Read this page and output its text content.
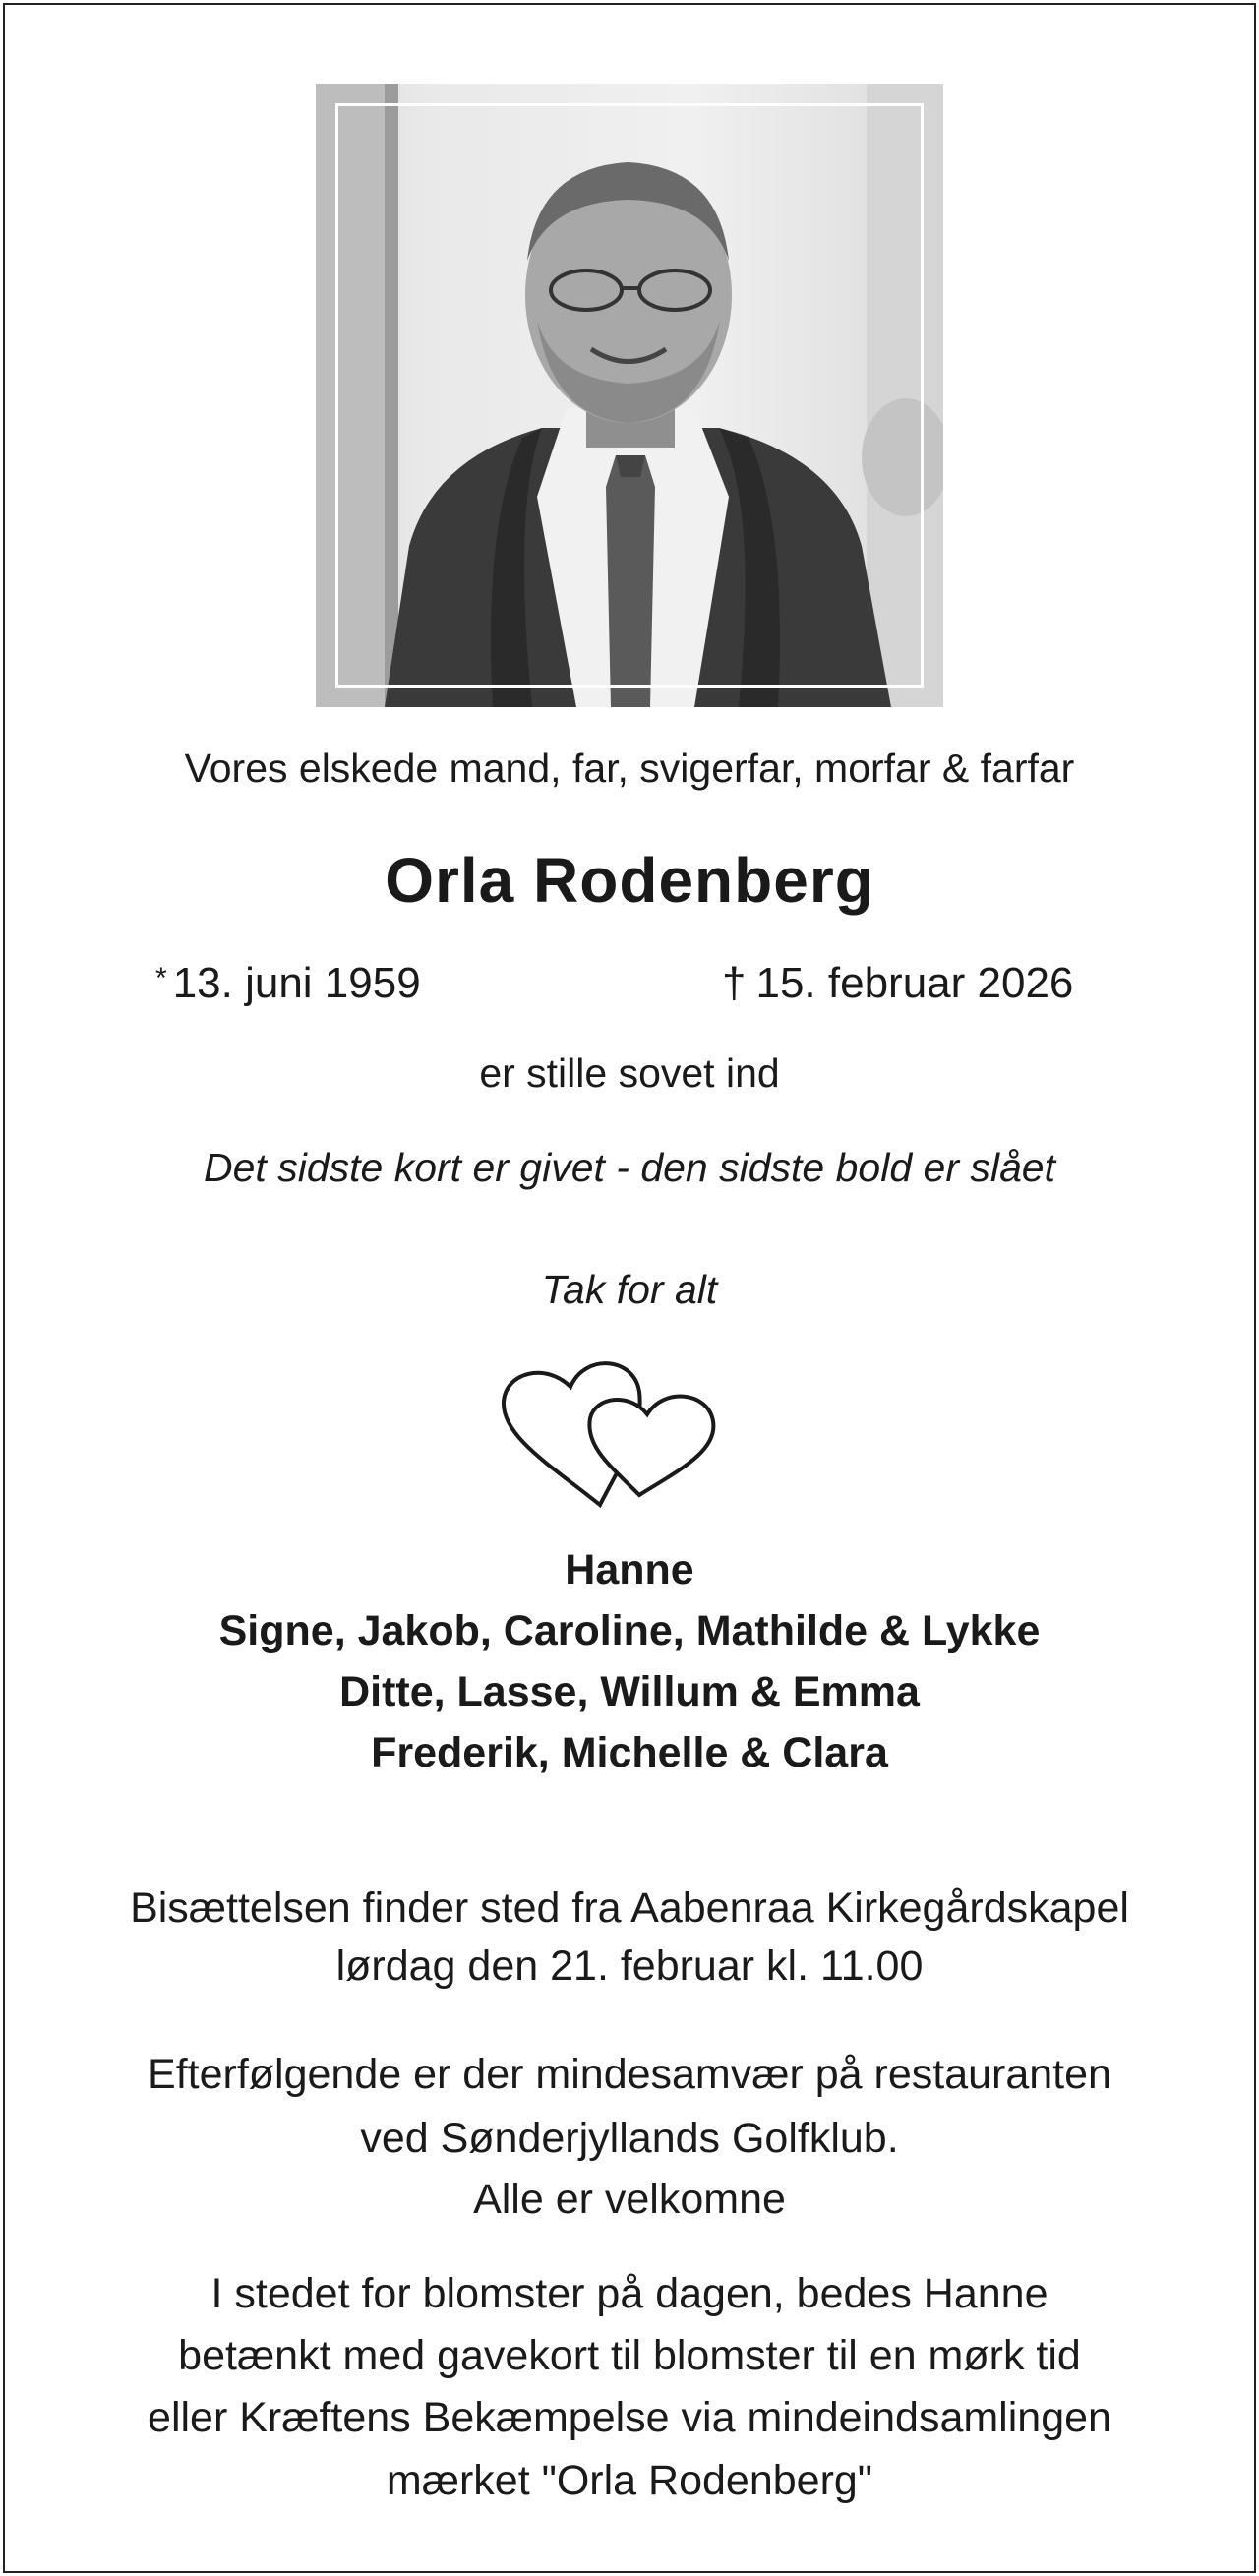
Vores elskede mand, far, svigerfar, morfar & farfar
Orla Rodenberg
* 13. juni 1959	† 15. februar 2026
er stille sovet ind
Det sidste kort er givet - den sidste bold er slået
Tak for alt
Hanne
Signe, Jakob, Caroline, Mathilde & Lykke
Ditte, Lasse, Willum & Emma
Frederik, Michelle & Clara
Bisættelsen finder sted fra Aabenraa Kirkegårdskapel
lørdag den 21. februar kl. 11.00
Efterfølgende er der mindesamvær på restauranten
ved Sønderjyllands Golfklub.
Alle er velkomne
I stedet for blomster på dagen, bedes Hanne
betænkt med gavekort til blomster til en mørk tid
eller Kræftens Bekæmpelse via mindeindsamlingen
mærket "Orla Rodenberg"
